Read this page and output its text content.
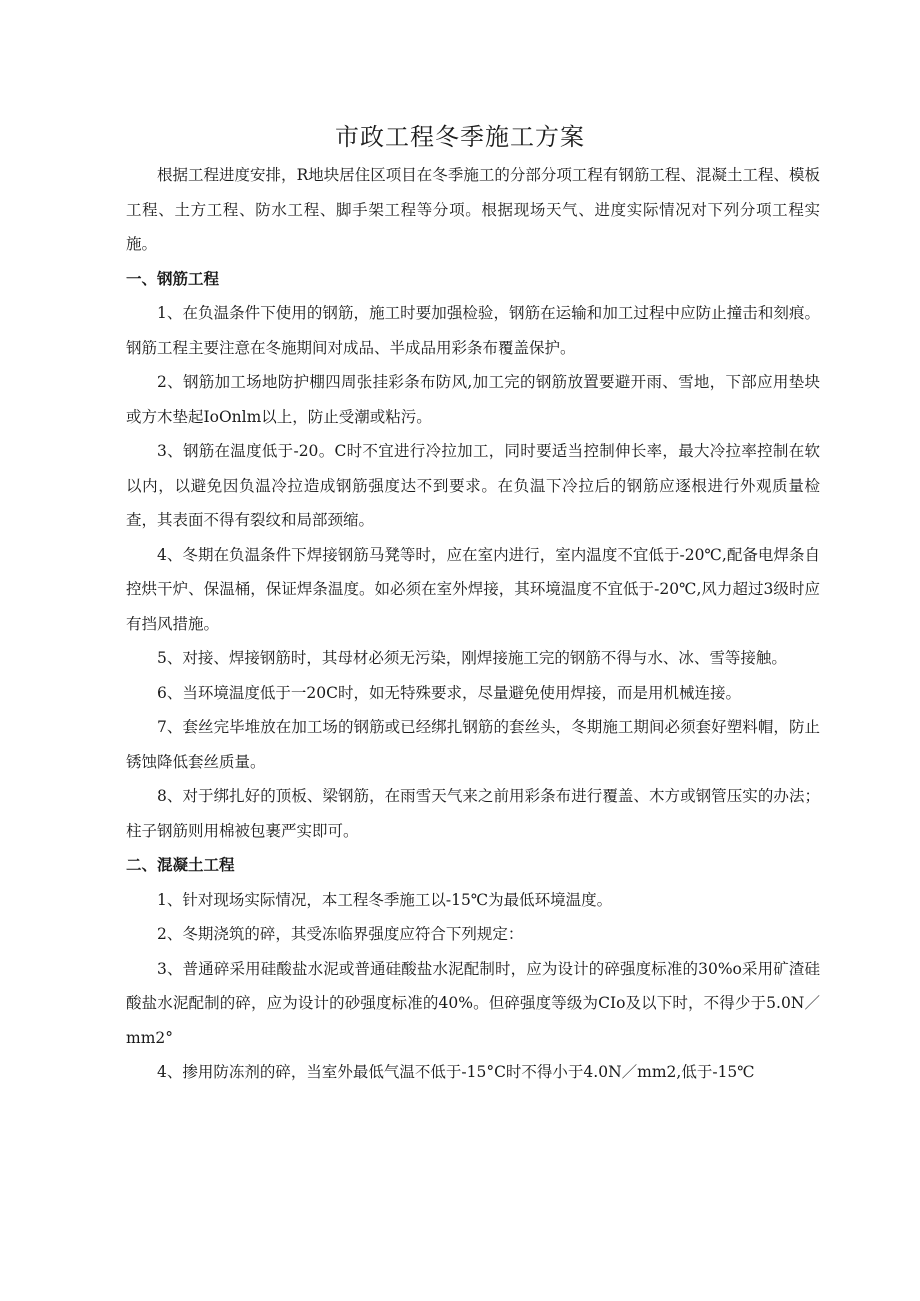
市政工程冬季施工方案

根据工程进度安排，R地块居住区项目在冬季施工的分部分项工程有钢筋工程、混凝土工程、模板工程、土方工程、防水工程、脚手架工程等分项。根据现场天气、进度实际情况对下列分项工程实施。

一、钢筋工程

1、在负温条件下使用的钢筋，施工时要加强检验，钢筋在运输和加工过程中应防止撞击和刻痕。钢筋工程主要注意在冬施期间对成品、半成品用彩条布覆盖保护。

2、钢筋加工场地防护棚四周张挂彩条布防风,加工完的钢筋放置要避开雨、雪地，下部应用垫块或方木垫起IoOnlm以上，防止受潮或粘污。

3、钢筋在温度低于-20。C时不宜进行冷拉加工，同时要适当控制伸长率，最大冷拉率控制在软以内，以避免因负温冷拉造成钢筋强度达不到要求。在负温下冷拉后的钢筋应逐根进行外观质量检查，其表面不得有裂纹和局部颈缩。

4、冬期在负温条件下焊接钢筋马凳等时，应在室内进行，室内温度不宜低于-20℃,配备电焊条自控烘干炉、保温桶，保证焊条温度。如必须在室外焊接，其环境温度不宜低于-20℃,风力超过3级时应有挡风措施。

5、对接、焊接钢筋时，其母材必须无污染，刚焊接施工完的钢筋不得与水、冰、雪等接触。

6、当环境温度低于一20C时，如无特殊要求，尽量避免使用焊接，而是用机械连接。

7、套丝完毕堆放在加工场的钢筋或已经绑扎钢筋的套丝头，冬期施工期间必须套好塑料帽，防止锈蚀降低套丝质量。

8、对于绑扎好的顶板、梁钢筋，在雨雪天气来之前用彩条布进行覆盖、木方或钢管压实的办法；柱子钢筋则用棉被包裹严实即可。

二、混凝土工程

1、针对现场实际情况，本工程冬季施工以-15℃为最低环境温度。

2、冬期浇筑的碎，其受冻临界强度应符合下列规定：

3、普通碎采用硅酸盐水泥或普通硅酸盐水泥配制时，应为设计的碎强度标准的30%o采用矿渣硅酸盐水泥配制的碎，应为设计的砂强度标准的40%。但碎强度等级为CIo及以下时，不得少于5.0N／mm2°

4、掺用防冻剂的碎，当室外最低气温不低于-15°C时不得小于4.0N／mm2,低于-15℃
